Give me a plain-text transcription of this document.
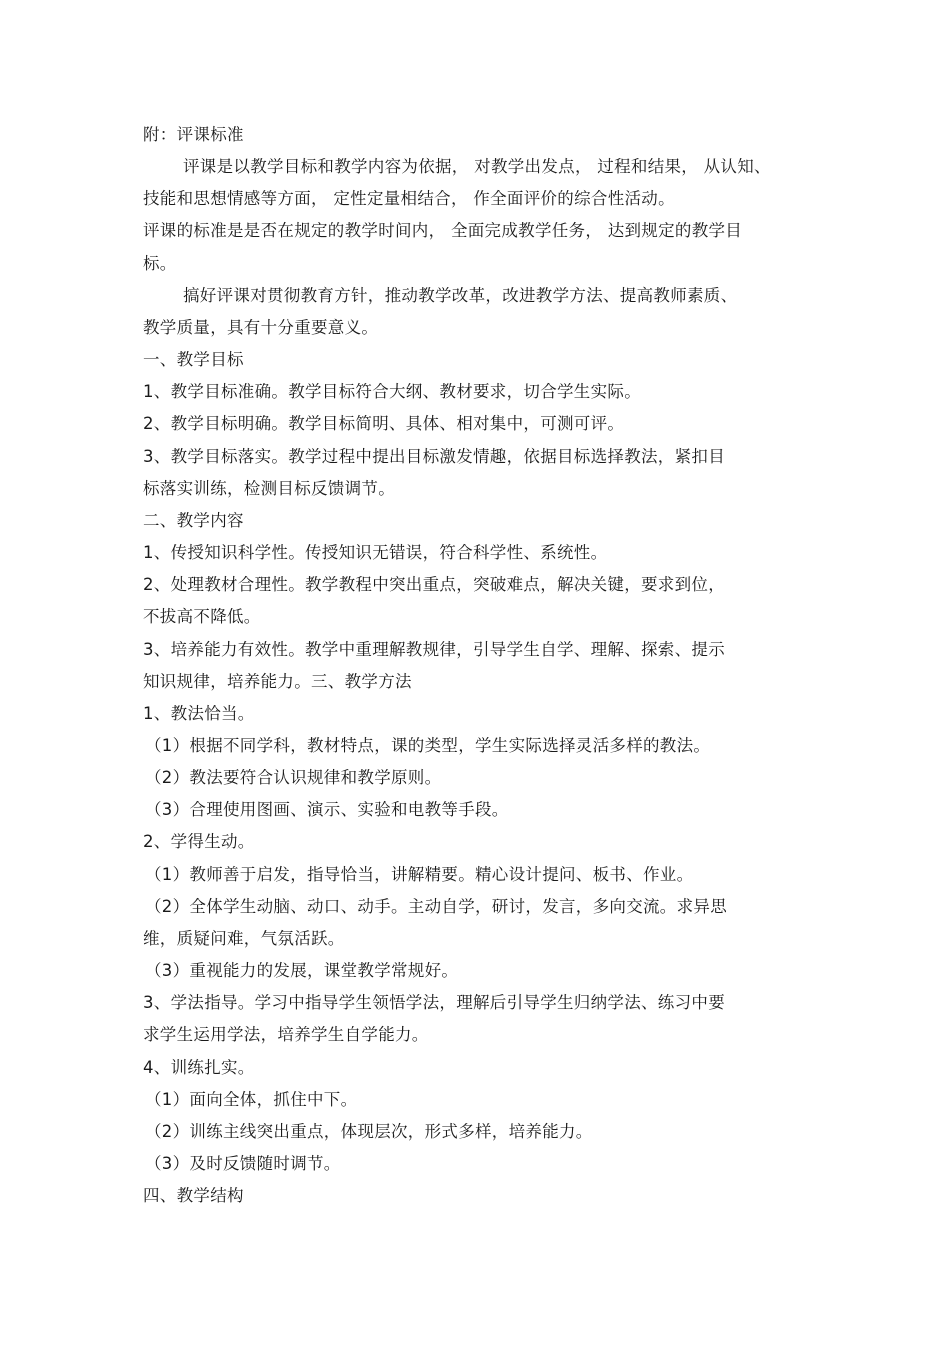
附：评课标准

评课是以教学目标和教学内容为依据， 对教学出发点， 过程和结果， 从认知、

技能和思想情感等方面， 定性定量相结合， 作全面评价的综合性活动。

评课的标准是是否在规定的教学时间内， 全面完成教学任务， 达到规定的教学目

标。

搞好评课对贯彻教育方针，推动教学改革，改进教学方法、提高教师素质、

教学质量，具有十分重要意义。

一、教学目标

1、教学目标准确。教学目标符合大纲、教材要求，切合学生实际。

2、教学目标明确。教学目标简明、具体、相对集中，可测可评。

3、教学目标落实。教学过程中提出目标激发情趣，依据目标选择教法，紧扣目

标落实训练，检测目标反馈调节。

二、教学内容

1、传授知识科学性。传授知识无错误，符合科学性、系统性。

2、处理教材合理性。教学教程中突出重点，突破难点，解决关键，要求到位，

不拔高不降低。

3、培养能力有效性。教学中重理解教规律，引导学生自学、理解、探索、提示

知识规律，培养能力。三、教学方法

1、教法恰当。

（1）根据不同学科，教材特点，课的类型，学生实际选择灵活多样的教法。

（2）教法要符合认识规律和教学原则。

（3）合理使用图画、演示、实验和电教等手段。

2、学得生动。

（1）教师善于启发，指导恰当，讲解精要。精心设计提问、板书、作业。

（2）全体学生动脑、动口、动手。主动自学，研讨，发言，多向交流。求异思

维，质疑问难，气氛活跃。

（3）重视能力的发展，课堂教学常规好。

3、学法指导。学习中指导学生领悟学法，理解后引导学生归纳学法、练习中要

求学生运用学法，培养学生自学能力。

4、训练扎实。

（1）面向全体，抓住中下。

（2）训练主线突出重点，体现层次，形式多样，培养能力。

（3）及时反馈随时调节。

四、教学结构
